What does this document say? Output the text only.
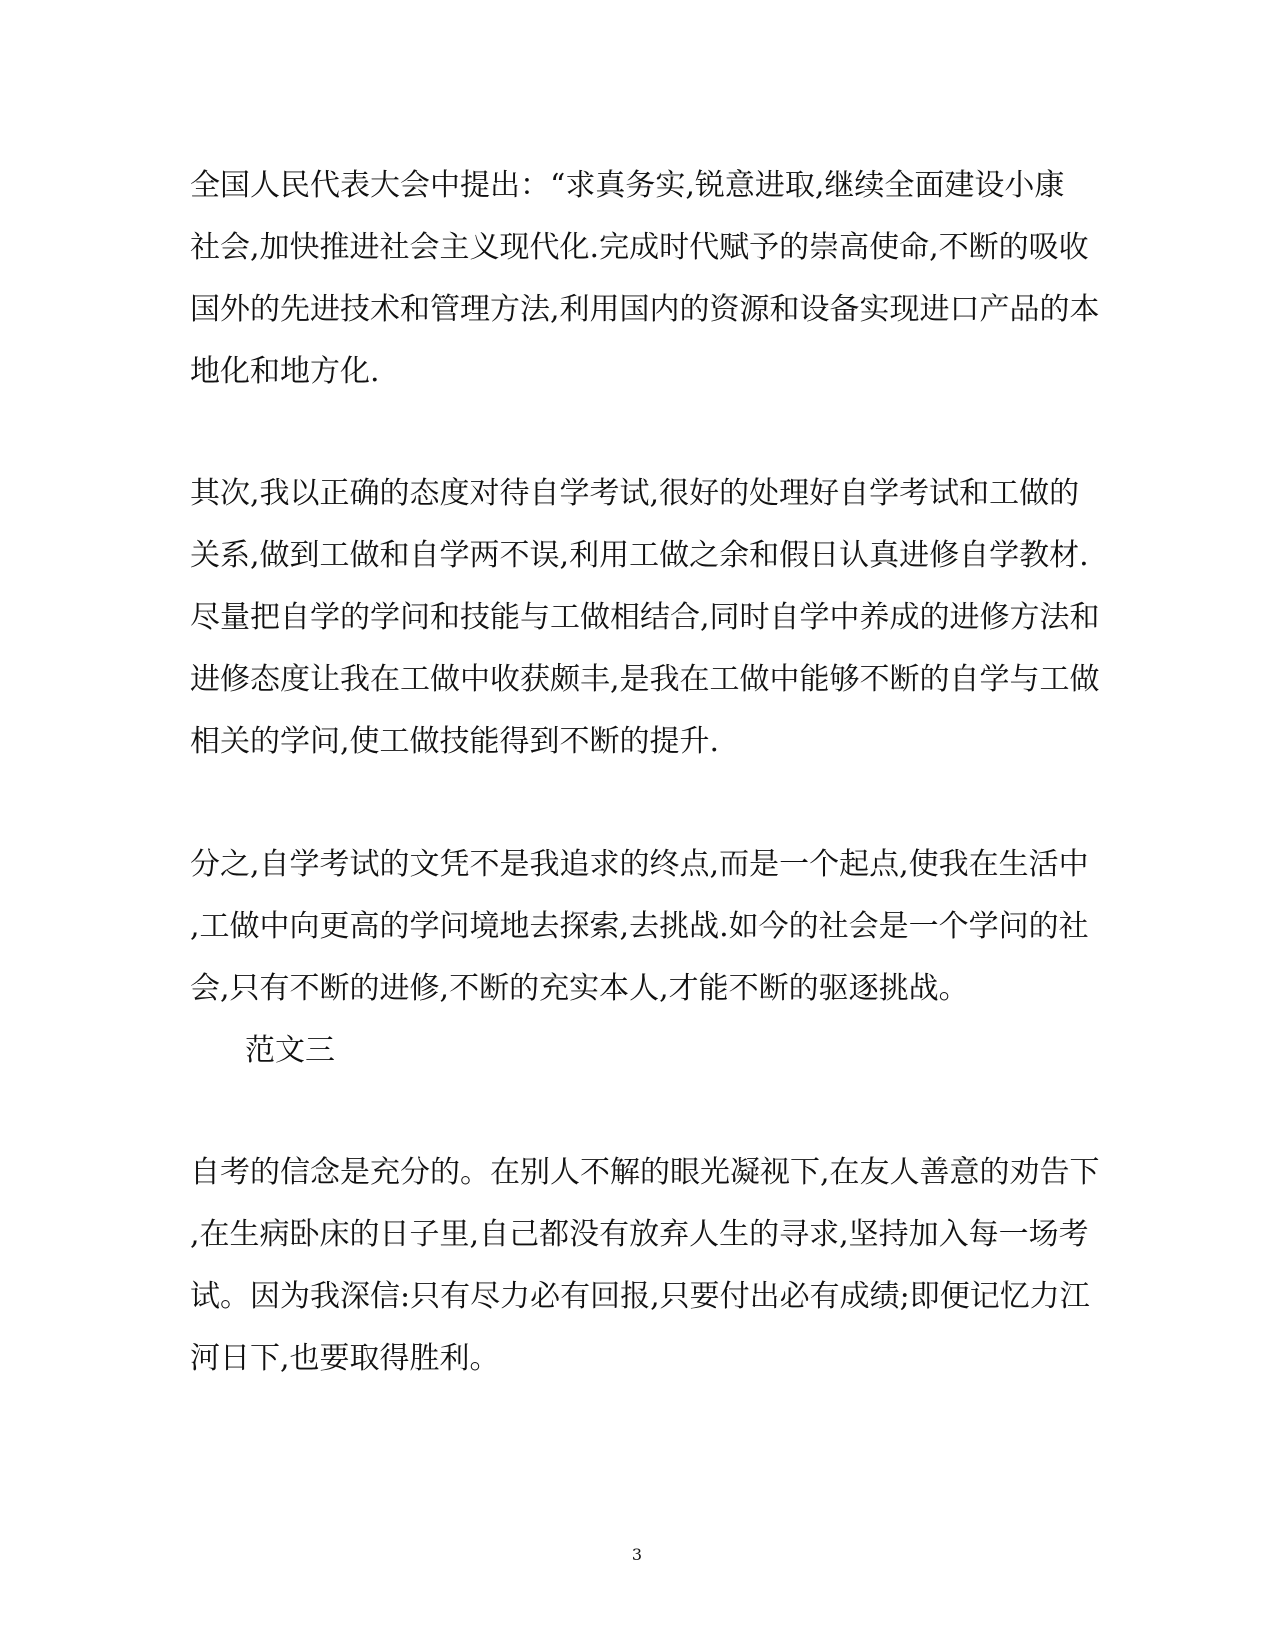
全国人民代表大会中提出：“求真务实,锐意进取,继续全面建设小康
社会,加快推进社会主义现代化.完成时代赋予的崇高使命,不断的吸收
国外的先进技术和管理方法,利用国内的资源和设备实现进口产品的本
地化和地方化.
其次,我以正确的态度对待自学考试,很好的处理好自学考试和工做的
关系,做到工做和自学两不误,利用工做之余和假日认真进修自学教材.
尽量把自学的学问和技能与工做相结合,同时自学中养成的进修方法和
进修态度让我在工做中收获颇丰,是我在工做中能够不断的自学与工做
相关的学问,使工做技能得到不断的提升.
分之,自学考试的文凭不是我追求的终点,而是一个起点,使我在生活中
,工做中向更高的学问境地去探索,去挑战.如今的社会是一个学问的社
会,只有不断的进修,不断的充实本人,才能不断的驱逐挑战。
范文三
自考的信念是充分的。在别人不解的眼光凝视下,在友人善意的劝告下
,在生病卧床的日子里,自己都没有放弃人生的寻求,坚持加入每一场考
试。因为我深信:只有尽力必有回报,只要付出必有成绩;即便记忆力江
河日下,也要取得胜利。
3
